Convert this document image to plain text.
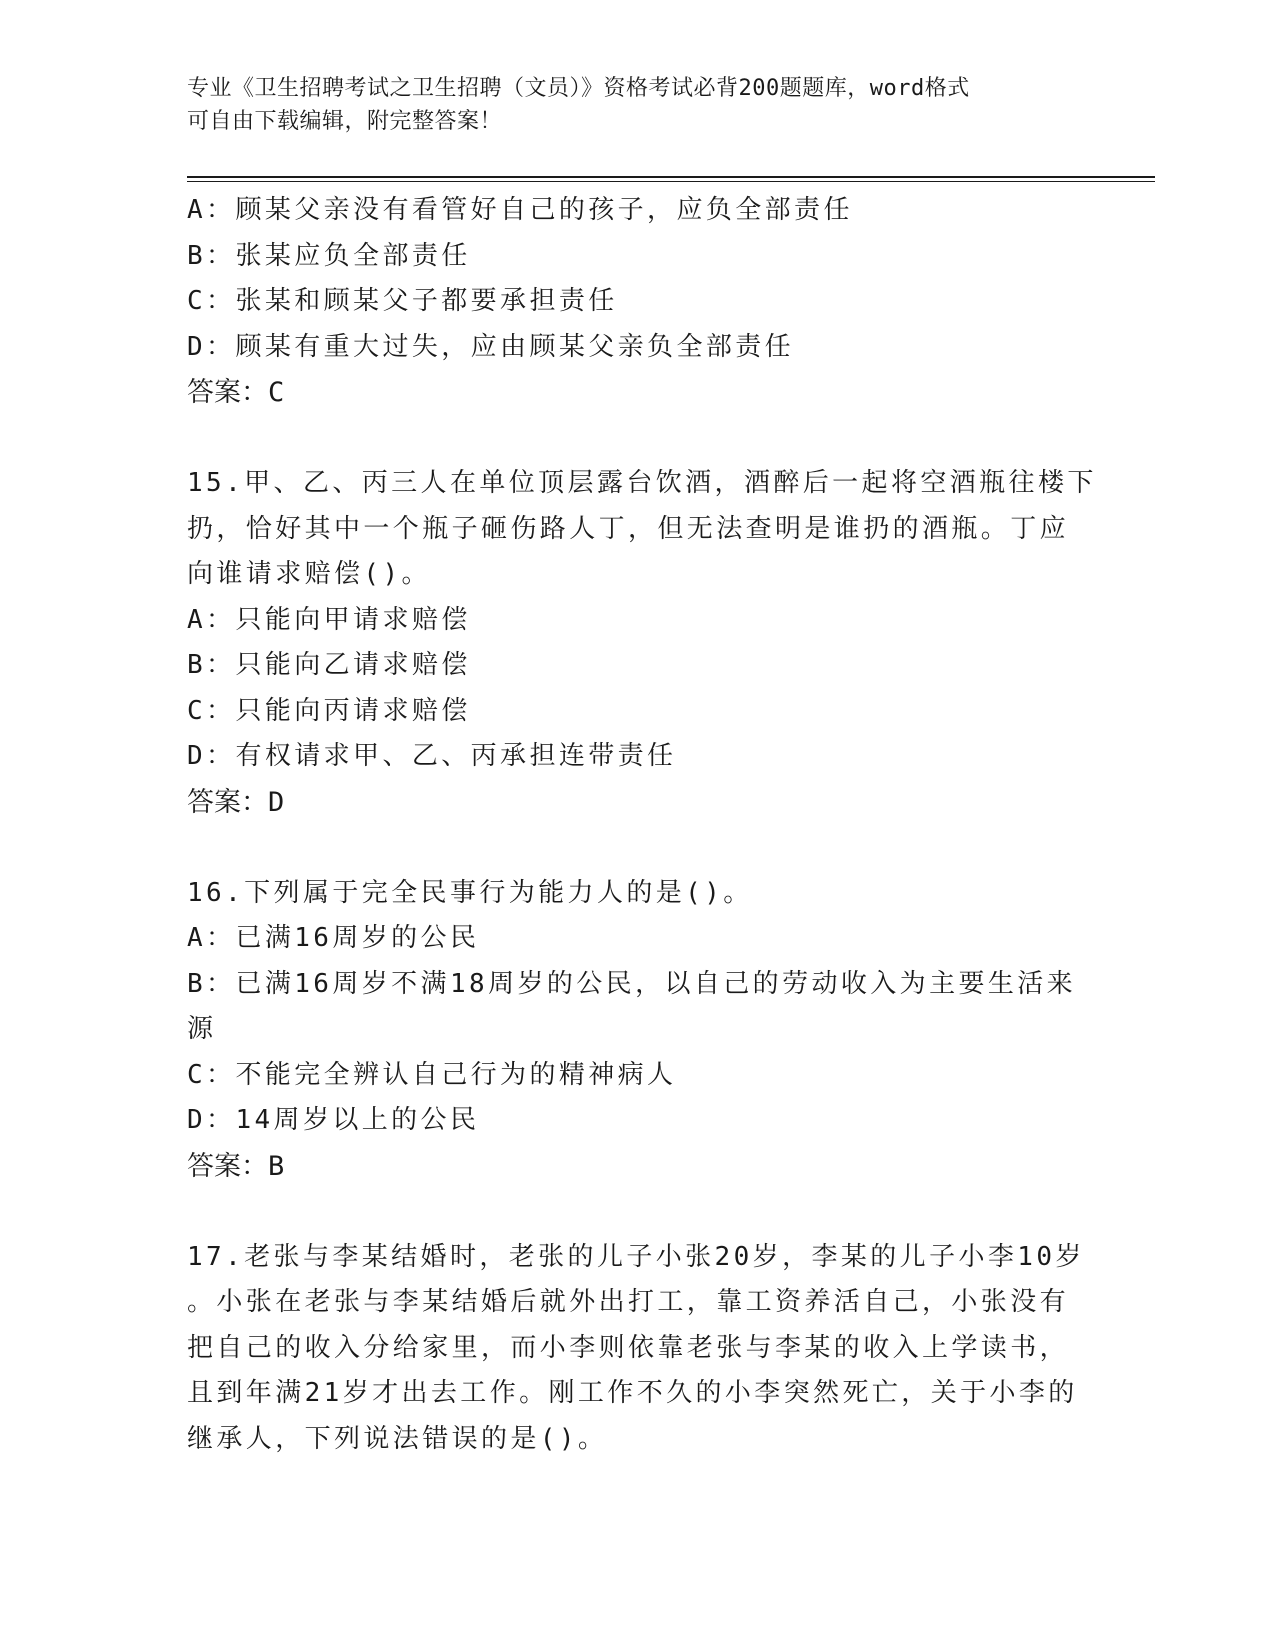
专业《卫生招聘考试之卫生招聘（文员）》资格考试必背200题题库，word格式
可自由下载编辑，附完整答案！
A：顾某父亲没有看管好自己的孩子，应负全部责任
B：张某应负全部责任
C：张某和顾某父子都要承担责任
D：顾某有重大过失，应由顾某父亲负全部责任
答案：C
15.甲、乙、丙三人在单位顶层露台饮酒，酒醉后一起将空酒瓶往楼下
扔，恰好其中一个瓶子砸伤路人丁，但无法查明是谁扔的酒瓶。丁应
向谁请求赔偿()。
A：只能向甲请求赔偿
B：只能向乙请求赔偿
C：只能向丙请求赔偿
D：有权请求甲、乙、丙承担连带责任
答案：D
16.下列属于完全民事行为能力人的是()。
A：已满16周岁的公民
B：已满16周岁不满18周岁的公民，以自己的劳动收入为主要生活来
源
C：不能完全辨认自己行为的精神病人
D：14周岁以上的公民
答案：B
17.老张与李某结婚时，老张的儿子小张20岁，李某的儿子小李10岁
。小张在老张与李某结婚后就外出打工，靠工资养活自己，小张没有
把自己的收入分给家里，而小李则依靠老张与李某的收入上学读书，
且到年满21岁才出去工作。刚工作不久的小李突然死亡，关于小李的
继承人，下列说法错误的是()。
